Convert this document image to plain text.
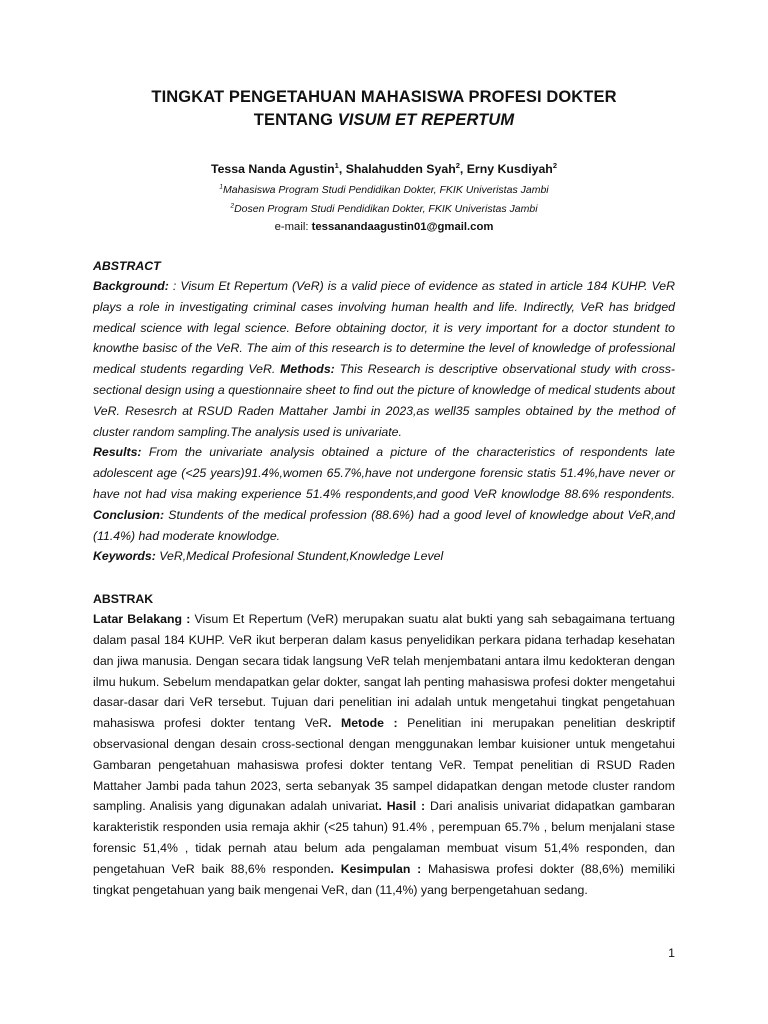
TINGKAT PENGETAHUAN MAHASISWA PROFESI DOKTER
TENTANG VISUM ET REPERTUM
Tessa Nanda Agustin$^1$, Shalahudden Syah$^2$, Erny Kusdiyah$^2$
$^1$Mahasiswa Program Studi Pendidikan Dokter, FKIK Univeristas Jambi
$^2$Dosen Program Studi Pendidikan Dokter, FKIK Univeristas Jambi
e-mail: tessanandaagustin01@gmail.com
ABSTRACT

Background: : Visum Et Repertum (VeR) is a valid piece of evidence as stated in article 184 KUHP. VeR plays a role in investigating criminal cases involving human health and life. Indirectly, VeR has bridged medical science with legal science. Before obtaining doctor, it is very important for a doctor stundent to knowthe basisc of the VeR. The aim of this research is to determine the level of knowledge of professional medical students regarding VeR. Methods: This Research is descriptive observational study with cross-sectional design using a questionnaire sheet to find out the picture of knowledge of medical students about VeR. Resesrch at RSUD Raden Mattaher Jambi in 2023,as well35 samples obtained by the method of cluster random sampling.The analysis used is univariate.
Results: From the univariate analysis obtained a picture of the characteristics of respondents late adolescent age (<25 years)91.4%,women 65.7%,have not undergone forensic statis 51.4%,have never or have not had visa making experience 51.4% respondents,and good VeR knowlodge 88.6% respondents. Conclusion: Stundents of the medical profession (88.6%) had a good level of knowledge about VeR,and (11.4%) had moderate knowlodge.
Keywords: VeR,Medical Profesional Stundent,Knowledge Level

ABSTRAK

Latar Belakang : Visum Et Repertum (VeR) merupakan suatu alat bukti yang sah sebagaimana tertuang dalam pasal 184 KUHP. VeR ikut berperan dalam kasus penyelidikan perkara pidana terhadap kesehatan dan jiwa manusia. Dengan secara tidak langsung VeR telah menjembatani antara ilmu kedokteran dengan ilmu hukum. Sebelum mendapatkan gelar dokter, sangat lah penting mahasiswa profesi dokter mengetahui dasar-dasar dari VeR tersebut. Tujuan dari penelitian ini adalah untuk mengetahui tingkat pengetahuan mahasiswa profesi dokter tentang VeR. Metode : Penelitian ini merupakan penelitian deskriptif observasional dengan desain cross-sectional dengan menggunakan lembar kuisioner untuk mengetahui Gambaran pengetahuan mahasiswa profesi dokter tentang VeR. Tempat penelitian di RSUD Raden Mattaher Jambi pada tahun 2023, serta sebanyak 35 sampel didapatkan dengan metode cluster random sampling. Analisis yang digunakan adalah univariat. Hasil : Dari analisis univariat didapatkan gambaran karakteristik responden usia remaja akhir (<25 tahun) 91.4% , perempuan 65.7% , belum menjalani stase forensic 51,4% , tidak pernah atau belum ada pengalaman membuat visum 51,4% responden, dan pengetahuan VeR baik 88,6% responden. Kesimpulan : Mahasiswa profesi dokter (88,6%) memiliki tingkat pengetahuan yang baik mengenai VeR, dan (11,4%) yang berpengetahuan sedang.

1
